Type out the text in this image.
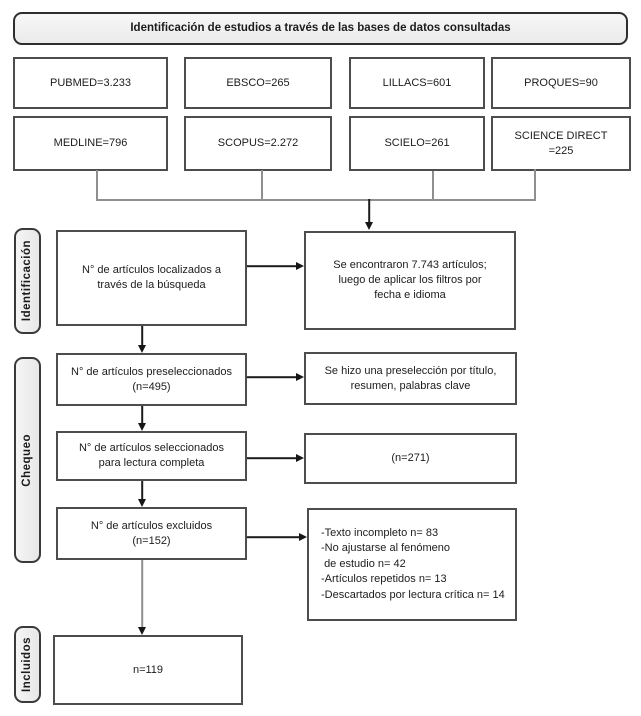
Identificación de estudios a través de las bases de datos consultadas
PUBMED=3.233	EBSCO=265	LILLACS=601	PROQUES=90
MEDLINE=796	SCOPUS=2.272	SCIELO=261
SCIENCE DIRECT
=225
Identificación
Chequeo
Incluidos
N° de artículos localizados a
través de la búsqueda
N° de artículos preseleccionados
(n=495)
N° de artículos seleccionados
para lectura completa
N° de artículos excluidos
(n=152)
n=119
Se encontraron 7.743 artículos;
luego de aplicar los filtros por
fecha e idioma
Se hizo una preselección por título,
resumen, palabras clave
(n=271)
-Texto incompleto n= 83
-No ajustarse al fenómeno
de estudio n= 42
-Artículos repetidos n= 13
-Descartados por lectura crítica n= 14
